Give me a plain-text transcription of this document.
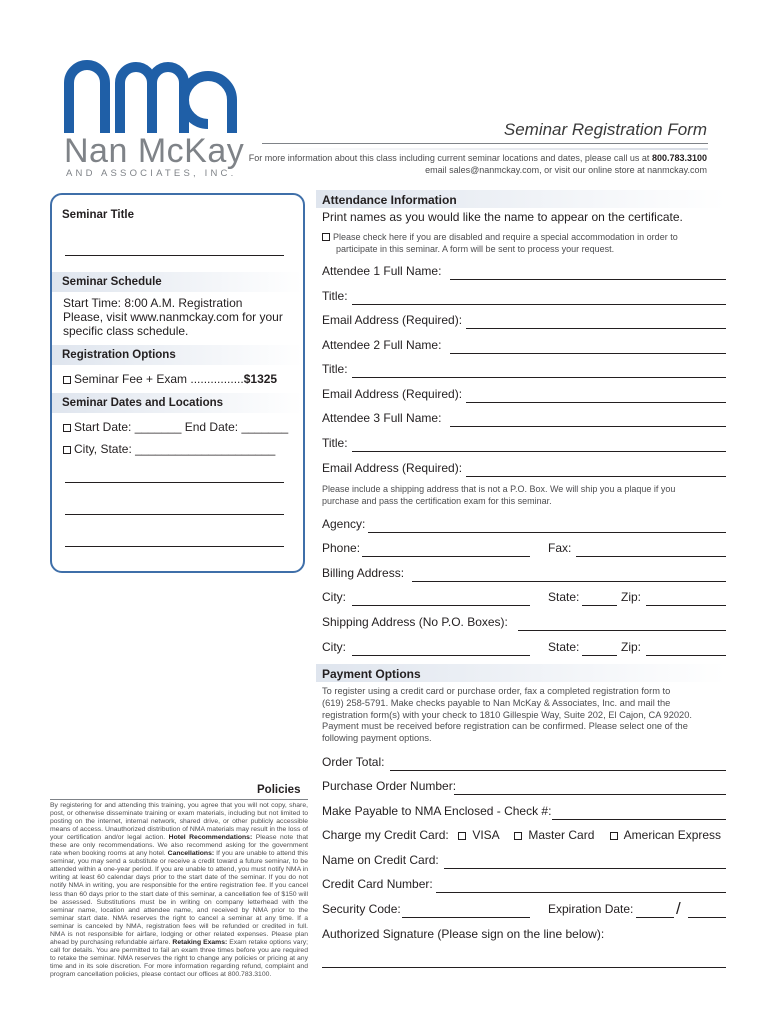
Nan McKay
AND ASSOCIATES, INC.
Seminar Registration Form
For more information about this class including current seminar locations and dates, please call us at 800.783.3100
email sales@nanmckay.com, or visit our online store at nanmckay.com
Seminar Title
Seminar Schedule
Start Time: 8:00 A.M. Registration
Please, visit www.nanmckay.com for your specific class schedule.
Registration Options
Seminar Fee + Exam ................$1325
Seminar Dates and Locations
Start Date: _______ End Date: _______
City, State: _____________________
Attendance Information
Print names as you would like the name to appear on the certificate.
Please check here if you are disabled and require a special accommodation in order to
participate in this seminar. A form will be sent to process your request.
Attendee 1 Full Name:
Title:
Email Address (Required):
Attendee 2 Full Name:
Title:
Email Address (Required):
Attendee 3 Full Name:
Title:
Email Address (Required):
Please include a shipping address that is not a P.O. Box. We will ship you a plaque if you
purchase and pass the certification exam for this seminar.
Agency:
Phone:	Fax:
Billing Address:
City:	State:	Zip:
Shipping Address (No P.O. Boxes):
City:	State:	Zip:
Payment Options
To register using a credit card or purchase order, fax a completed registration form to
(619) 258-5791. Make checks payable to Nan McKay & Associates, Inc. and mail the
registration form(s) with your check to 1810 Gillespie Way, Suite 202, El Cajon, CA 92020.
Payment must be received before registration can be confirmed. Please select one of the
following payment options.
Order Total:
Purchase Order Number:
Make Payable to NMA Enclosed - Check #:
Charge my Credit Card:	VISA	Master Card	American Express
Name on Credit Card:
Credit Card Number:
Security Code:	Expiration Date:	/
Authorized Signature (Please sign on the line below):
Policies
By registering for and attending this training, you agree that you will not copy, share, post, or otherwise disseminate training or exam materials, including but not limited to posting on the internet, internal network, shared drive, or other publicly accessible means of access. Unauthorized distribution of NMA materials may result in the loss of your certification and/or legal action. Hotel Recommendations: Please note that these are only recommendations. We also recommend asking for the government rate when booking rooms at any hotel. Cancellations: If you are unable to attend this seminar, you may send a substitute or receive a credit toward a future seminar, to be attended within a one-year period. If you are unable to attend, you must notify NMA in writing at least 60 calendar days prior to the start date of the seminar. If you do not notify NMA in writing, you are responsible for the entire registration fee. If you cancel less than 60 days prior to the start date of this seminar, a cancellation fee of $150 will be assessed. Substitutions must be in writing on company letterhead with the seminar name, location and attendee name, and received by NMA prior to the seminar start date. NMA reserves the right to cancel a seminar at any time. If a seminar is canceled by NMA, registration fees will be refunded or credited in full. NMA is not responsible for airfare, lodging or other related expenses. Please plan ahead by purchasing refundable airfare. Retaking Exams: Exam retake options vary; call for details. You are permitted to fail an exam three times before you are required to retake the seminar. NMA reserves the right to change any policies or pricing at any time and in its sole discretion. For more information regarding refund, complaint and program cancellation policies, please contact our offices at 800.783.3100.
